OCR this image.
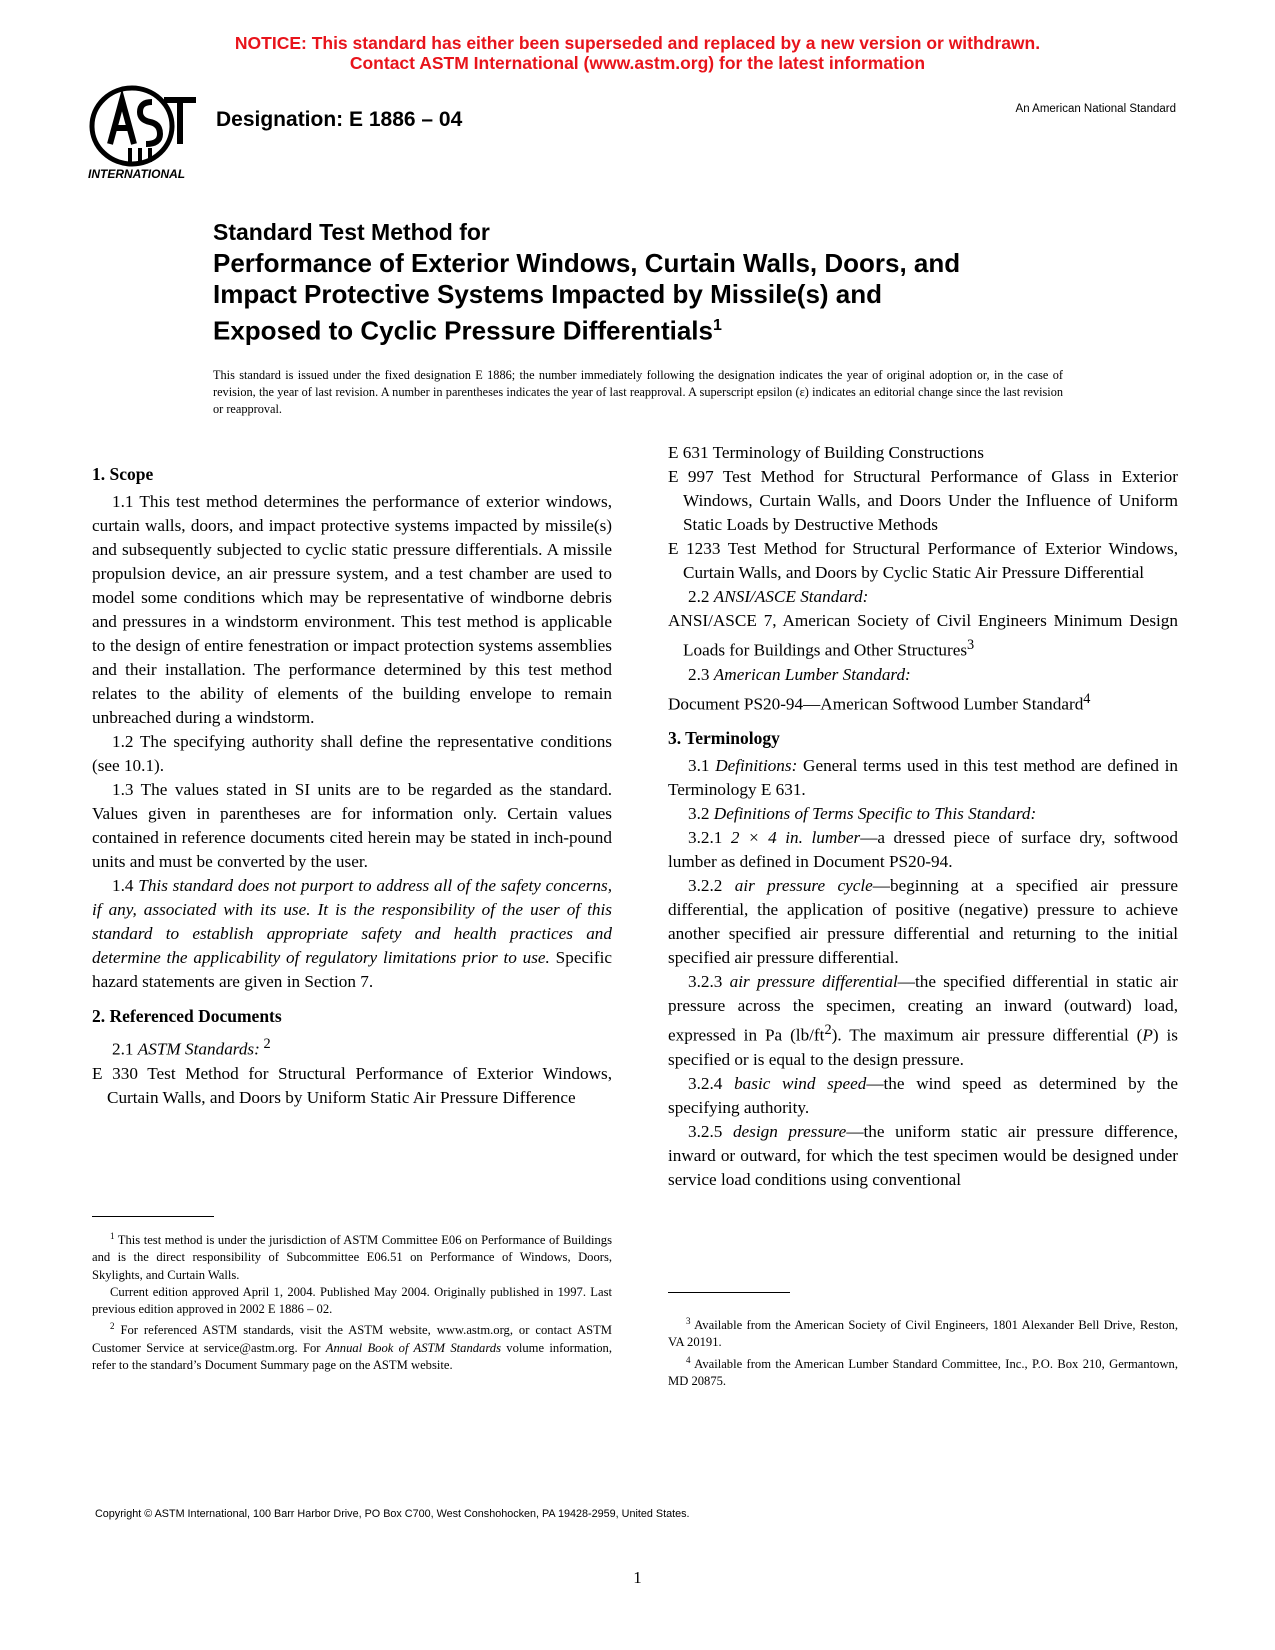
NOTICE: This standard has either been superseded and replaced by a new version or withdrawn.
Contact ASTM International (www.astm.org) for the latest information
INTERNATIONAL
Designation: E 1886 – 04	An American National Standard
Standard Test Method for
Performance of Exterior Windows, Curtain Walls, Doors, and
Impact Protective Systems Impacted by Missile(s) and
Exposed to Cyclic Pressure Differentials$^1$
This standard is issued under the fixed designation E 1886; the number immediately following the designation indicates the year of original adoption or, in the case of revision, the year of last revision. A number in parentheses indicates the year of last reapproval. A superscript epsilon (ε) indicates an editorial change since the last revision or reapproval.
1. Scope

1.1 This test method determines the performance of exterior windows, curtain walls, doors, and impact protective systems impacted by missile(s) and subsequently subjected to cyclic static pressure differentials. A missile propulsion device, an air pressure system, and a test chamber are used to model some conditions which may be representative of windborne debris and pressures in a windstorm environment. This test method is applicable to the design of entire fenestration or impact protection systems assemblies and their installation. The performance determined by this test method relates to the ability of elements of the building envelope to remain unbreached during a windstorm.

1.2 The specifying authority shall define the representative conditions (see 10.1).

1.3 The values stated in SI units are to be regarded as the standard. Values given in parentheses are for information only. Certain values contained in reference documents cited herein may be stated in inch-pound units and must be converted by the user.

1.4 This standard does not purport to address all of the safety concerns, if any, associated with its use. It is the responsibility of the user of this standard to establish appropriate safety and health practices and determine the applicability of regulatory limitations prior to use. Specific hazard statements are given in Section 7.

2. Referenced Documents

2.1 ASTM Standards: $^2$

E 330 Test Method for Structural Performance of Exterior Windows, Curtain Walls, and Doors by Uniform Static Air Pressure Difference

E 631 Terminology of Building Constructions

E 997 Test Method for Structural Performance of Glass in Exterior Windows, Curtain Walls, and Doors Under the Influence of Uniform Static Loads by Destructive Methods

E 1233 Test Method for Structural Performance of Exterior Windows, Curtain Walls, and Doors by Cyclic Static Air Pressure Differential

2.2 ANSI/ASCE Standard:

ANSI/ASCE 7, American Society of Civil Engineers Minimum Design Loads for Buildings and Other Structures$^3$

2.3 American Lumber Standard:

Document PS20-94—American Softwood Lumber Standard$^4$

3. Terminology

3.1 Definitions: General terms used in this test method are defined in Terminology E 631.

3.2 Definitions of Terms Specific to This Standard:

3.2.1 2 × 4 in. lumber—a dressed piece of surface dry, softwood lumber as defined in Document PS20-94.

3.2.2 air pressure cycle—beginning at a specified air pressure differential, the application of positive (negative) pressure to achieve another specified air pressure differential and returning to the initial specified air pressure differential.

3.2.3 air pressure differential—the specified differential in static air pressure across the specimen, creating an inward (outward) load, expressed in Pa $(lb/ft^2)$. The maximum air pressure differential (P) is specified or is equal to the design pressure.

3.2.4 basic wind speed—the wind speed as determined by the specifying authority.

3.2.5 design pressure—the uniform static air pressure difference, inward or outward, for which the test specimen would be designed under service load conditions using conventional

$^1$ This test method is under the jurisdiction of ASTM Committee E06 on Performance of Buildings and is the direct responsibility of Subcommittee E06.51 on Performance of Windows, Doors, Skylights, and Curtain Walls.

Current edition approved April 1, 2004. Published May 2004. Originally published in 1997. Last previous edition approved in 2002 E 1886 – 02.

$^2$ For referenced ASTM standards, visit the ASTM website, www.astm.org, or contact ASTM Customer Service at service@astm.org. For Annual Book of ASTM Standards volume information, refer to the standard’s Document Summary page on the ASTM website.

$^3$ Available from the American Society of Civil Engineers, 1801 Alexander Bell Drive, Reston, VA 20191.

$^4$ Available from the American Lumber Standard Committee, Inc., P.O. Box 210, Germantown, MD 20875.

Copyright © ASTM International, 100 Barr Harbor Drive, PO Box C700, West Conshohocken, PA 19428-2959, United States.
1
